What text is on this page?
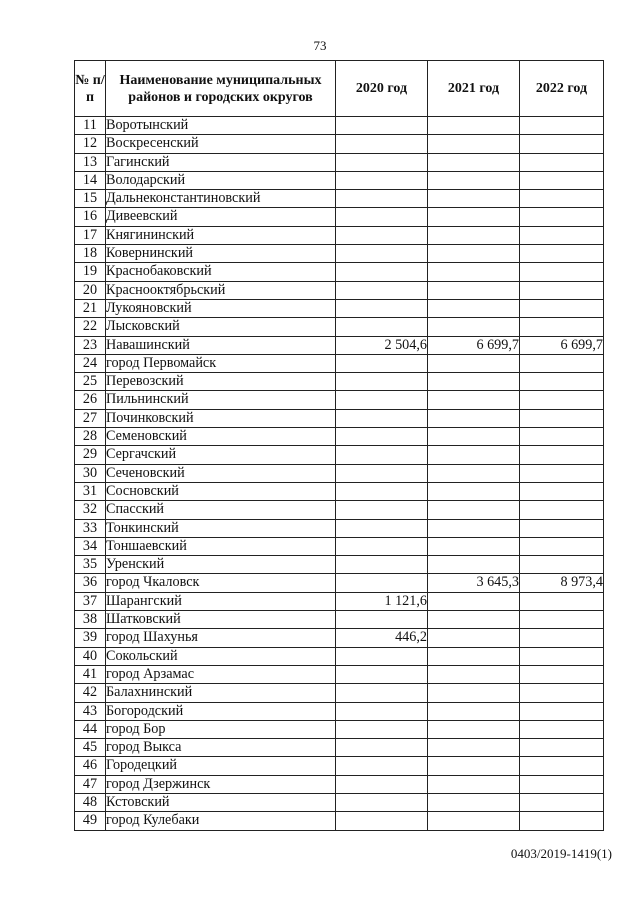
73
№ п/п	Наименование муниципальных районов и городских округов	2020 год	2021 год	2022 год
11	Воротынский			
12	Воскресенский			
13	Гагинский			
14	Володарский			
15	Дальнеконстантиновский			
16	Дивеевский			
17	Княгининский			
18	Ковернинский			
19	Краснобаковский			
20	Краснооктябрьский			
21	Лукояновский			
22	Лысковский			
23	Навашинский	2 504,6	6 699,7	6 699,7
24	город Первомайск			
25	Перевозский			
26	Пильнинский			
27	Починковский			
28	Семеновский			
29	Сергачский			
30	Сеченовский			
31	Сосновский			
32	Спасский			
33	Тонкинский			
34	Тоншаевский			
35	Уренский			
36	город Чкаловск		3 645,3	8 973,4
37	Шарангский	1 121,6		
38	Шатковский			
39	город Шахунья	446,2		
40	Сокольский			
41	город Арзамас			
42	Балахнинский			
43	Богородский			
44	город Бор			
45	город Выкса			
46	Городецкий			
47	город Дзержинск			
48	Кстовский			
49	город Кулебаки			
0403/2019-1419(1)
